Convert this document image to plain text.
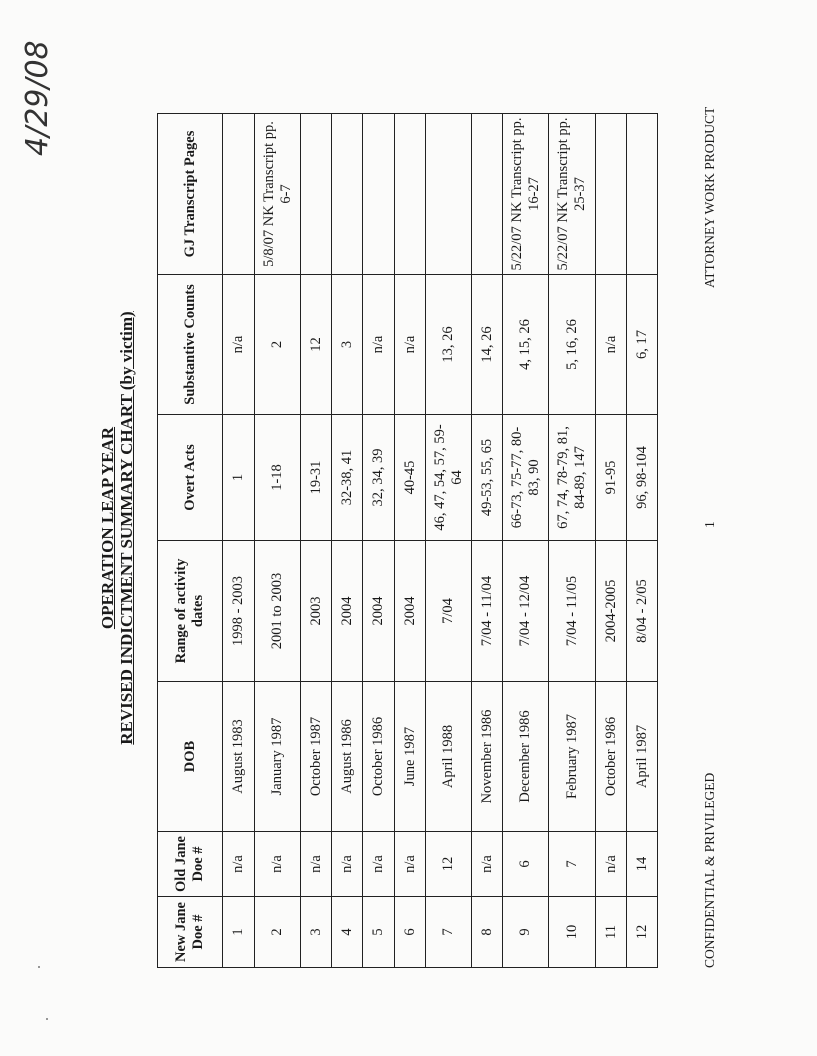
4/29/08
OPERATION LEAP YEAR REVISED INDICTMENT SUMMARY CHART (by victim)
New Jane Doe #	Old Jane Doe #	DOB	Range of activity dates	Overt Acts	Substantive Counts	GJ Transcript Pages
1	n/a	August 1983	1998 - 2003	1	n/a	
2	n/a	January 1987	2001 to 2003	1-18	2	5/8/07 NK Transcript pp. 6-7
3	n/a	October 1987	2003	19-31	12	
4	n/a	August 1986	2004	32-38, 41	3	
5	n/a	October 1986	2004	32, 34, 39	n/a	
6	n/a	June 1987	2004	40-45	n/a	
7	12	April 1988	7/04	46, 47, 54, 57, 59-64	13, 26	
8	n/a	November 1986	7/04 - 11/04	49-53, 55, 65	14, 26	
9	6	December 1986	7/04 - 12/04	66-73, 75-77, 80-83, 90	4, 15, 26	5/22/07 NK Transcript pp. 16-27
10	7	February 1987	7/04 - 11/05	67, 74, 78-79, 81, 84-89, 147	5, 16, 26	5/22/07 NK Transcript pp. 25-37
11	n/a	October 1986	2004-2005	91-95	n/a	
12	14	April 1987	8/04 - 2/05	96, 98-104	6, 17	
CONFIDENTIAL & PRIVILEGED
1
ATTORNEY WORK PRODUCT
